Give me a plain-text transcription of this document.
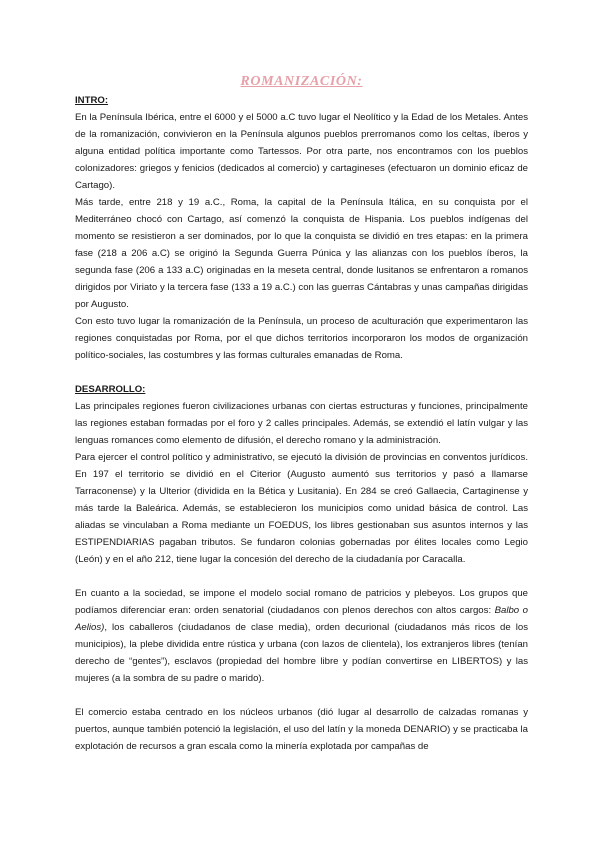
ROMANIZACIÓN:
INTRO:

En la Península Ibérica, entre el 6000 y el 5000 a.C tuvo lugar el Neolítico y la Edad de los Metales. Antes de la romanización, convivieron en la Península algunos pueblos prerromanos como los celtas, íberos y alguna entidad política importante como Tartessos. Por otra parte, nos encontramos con los pueblos colonizadores: griegos y fenicios (dedicados al comercio) y cartagineses (efectuaron un dominio eficaz de Cartago).

Más tarde, entre 218 y 19 a.C., Roma, la capital de la Península Itálica, en su conquista por el Mediterráneo chocó con Cartago, así comenzó la conquista de Hispania. Los pueblos indígenas del momento se resistieron a ser dominados, por lo que la conquista se dividió en tres etapas: en la primera fase (218 a 206 a.C) se originó la Segunda Guerra Púnica y las alianzas con los pueblos íberos, la segunda fase (206 a 133 a.C) originadas en la meseta central, donde lusitanos se enfrentaron a romanos dirigidos por Viriato y la tercera fase (133 a 19 a.C.) con las guerras Cántabras y unas campañas dirigidas por Augusto.

Con esto tuvo lugar la romanización de la Península, un proceso de aculturación que experimentaron las regiones conquistadas por Roma, por el que dichos territorios incorporaron los modos de organización político-sociales, las costumbres y las formas culturales emanadas de Roma.

DESARROLLO:

Las principales regiones fueron civilizaciones urbanas con ciertas estructuras y funciones, principalmente las regiones estaban formadas por el foro y 2 calles principales. Además, se extendió el latín vulgar y las lenguas romances como elemento de difusión, el derecho romano y la administración.

Para ejercer el control político y administrativo, se ejecutó la división de provincias en conventos jurídicos. En 197 el territorio se dividió en el Citerior (Augusto aumentó sus territorios y pasó a llamarse Tarraconense) y la Ulterior (dividida en la Bética y Lusitania). En 284 se creó Gallaecia, Cartaginense y más tarde la Baleárica. Además, se establecieron los municipios como unidad básica de control. Las aliadas se vinculaban a Roma mediante un FOEDUS, los libres gestionaban sus asuntos internos y las ESTIPENDIARIAS pagaban tributos. Se fundaron colonias gobernadas por élites locales como Legio (León) y en el año 212, tiene lugar la concesión del derecho de la ciudadanía por Caracalla.

En cuanto a la sociedad, se impone el modelo social romano de patricios y plebeyos. Los grupos que podíamos diferenciar eran: orden senatorial (ciudadanos con plenos derechos con altos cargos: Balbo o Aelios), los caballeros (ciudadanos de clase media), orden decurional (ciudadanos más ricos de los municipios), la plebe dividida entre rústica y urbana (con lazos de clientela), los extranjeros libres (tenían derecho de “gentes”), esclavos (propiedad del hombre libre y podían convertirse en LIBERTOS) y las mujeres (a la sombra de su padre o marido).

El comercio estaba centrado en los núcleos urbanos (dió lugar al desarrollo de calzadas romanas y puertos, aunque también potenció la legislación, el uso del latín y la moneda DENARIO) y se practicaba la explotación de recursos a gran escala como la minería explotada por campañas de
